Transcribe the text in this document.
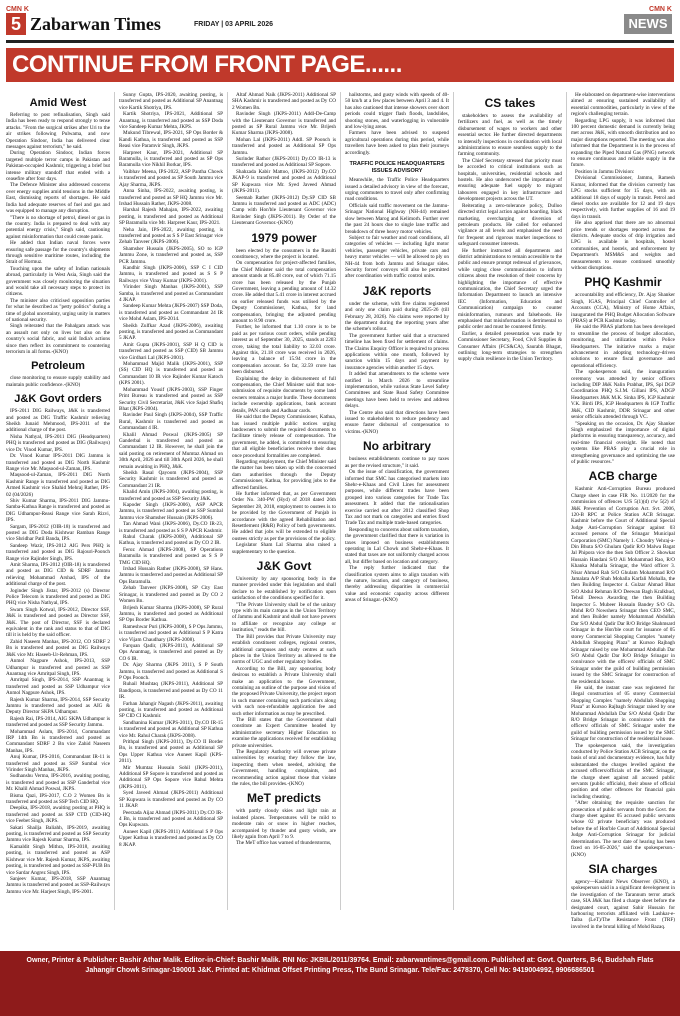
CMN K
5 Zabarwan Times	FRIDAY | 03 APRIL 2026
CMN K
NEWS
CONTINUE FROM FRONT PAGE......
Amid West

Referring to post refinalisation, Singh said India has been ready to respond strongly to tense attacks. "From the surgical strikes after Uri to the air strikes following Pulwama, and now Operation Sindoor, India has delivered clear messages against terrorism," he said.

During Operation Sindoor, Indian forces targeted multiple terror camps in Pakistan and Pakistan-occupied Kashmir, triggering a brief but intense military standoff that ended with a ceasefire after four days.

The Defence Minister also addressed concerns over energy supplies amid tensions in the Middle East, dismissing reports of shortages. He said India had adequate reserves of fuel and gas and was equipped to manage any disruption.

"There is no shortage of petrol, diesel or gas in the country. India is prepared to deal with any potential energy crisis," Singh said, cautioning against misinformation that could create panic.

He added that Indian naval forces were ensuring safe passage for the country's shipments through sensitive maritime routes, including the Strait of Hormuz.

Touching upon the safety of Indian nationals abroad, particularly in West Asia, Singh said the government was closely monitoring the situation and would take all necessary steps to protect its citizens.

The minister also criticised opposition parties for what he described as "petty politics" during a time of global uncertainty, urging unity in matters of national security.

Singh reiterated that the Pahalgam attack was an assault not only on lives but also on the country's social fabric, and said India's actions since then reflect its commitment to countering terrorism in all forms.-(KNO)

Petroleum

close monitoring to ensure supply stability and maintain public confidence.-(KNO)

J&K Govt orders

IPS-2011 DIG Railways, J&K is transferred and posted as DIG Traffic Kashmir relieving Sheikh Junaid Mehmood, IPS-2011 of the additional charge of the post.

Nisha Nathyal, IPS-2011 DIG (Headquarters) PHQ is transferred and posted as DIG (Railways) vice Dr. Vinod Kumar, IPS.

Dr. Vinod Kumar IPS-2011 DIG Jammu is transferred and posted as DIG North Kashmir Range vice Mr. Maqsood-ul-Zaman, IPS.

Maqsood-ul-Zaman, IPS-2011 DIG North Kashmir Range is transferred and posted as DIG Armed Kashmir vice Shahid Mehraj Rather, IPS-02 (04/2026)

Shiv Kumar Sharma, IPS-2011 DIG Jammu-Samba-Kathua Range is transferred and posted as DIG Udhampur-Reasi Range vice Sarah Rizvi, IPS.

Sargam, IPS-2012 (OIR-18) is transferred and posted as DIG Doda Kishtwar Ramban Range vice Shridhar Patil Banda, IPS.

Sandeep Wazir, IPS-2012 AIG Pers PHQ is transferred and posted as DIG Rajouri-Poonch Range vice Rajinder Singh, IPS.

Amit Sharma, IPS-2012 (OIR-18) is transferred and posted as DIG CID & SDRF Jammu relieving Mohammad Arshad, IPS of the additional charge of the post.

Joginder Singh Jistar, IPS-2012 (s) Director Police Telecom is transferred and posted as DIG PHQ vice Nisha Nathyal, IPS.

Swarn Singh Kotwal, IPS-2012, Director SSF, J&K is transferred and posted as Director SSF, J&K. The post of Director, SSF is declared equivalent in the rank and status to that of DIG till it is held by the said officer.

Zahid Naseem Manhas, IPS-2012, CO SDRF 2 Bn is transferred and posted as DIG Railways J&K vice Mr. Haseeb-Ur-Rehman, IPS.

Anmol Nagpure Ashok, IPS-2013, SSP Udhampur is transferred and posted as SSP Anantnag vice Amritpal Singh, IPS.

Amritpal Singh, IPS-2014, SSP Anantnag is transferred and posted as SSP Udhampur vice Anmol Nagpure Ashok, IPS.

Rajesh Kumar Sharma, IPS-2014, SSP Security Jammu is transferred and posted as AIG & Deputy Director SKPA Udhampur.

Rajesh Rai, IPS-2014, AIG SKPA Udhampur is transferred and posted as SSP Security Jammu.

Mohammad Aslam, IPS-2014, Commandant IRP 14th Bn is transferred and posted as Commandant SDRF 2 Bn vice Zahid Naseem Manhas, IPS.

Anuj Kumar, IPS-2016, Commandant IR-11 is transferred and posted as SSP Sumbal vice Virinder Singh Manhas, JKPS.

Sudhanshu Verma, IPS-2016, awaiting posting, is transferred and posted as SSP Ganderbal vice Mr. Khalil Ahmad Poswal, JKPS.

Bisma Qazi, IPS-2017, C.O 2 Women Bn is transferred and posted as SSP Tech CID HQ.

Deepika, IPS-2018, awaiting posting at PHQ is transferred and posted as SSP CTD (CID-HQ vice Feebet Singh, JKPS.

Sakati Shailja Baliahh, IPS-2019, awaiting posting, is transferred and posted as SSP Security Jammu vice Rajesh Kumar Sharma, IPS.

Kamaldit Singh Mithra, IPS-2018, awaiting posting, is transferred and posted as ASP Kishtwar vice Mr. Rajesh Kumar, JKPS, awaiting posting, is transferred and posted as SSP-PUB Bn vice Sardar Angrez Singh, IPS.

Sanjeev Kumar, IPS-2018, SSP Anantnag Jammu is transferred and posted as SSP-Railways Jammu vice Mr. Harjeet Singh, IPS-2001.

Sunny Gupta, IPS-2020, awaiting posting, is transferred and posted as Additional SP Anantnag vice Kartik Shotriya, IPS.

Kartik Shotriya, IPS-2021, Additional SP Anantnag, is transferred and posted as SSP Doda vice Sandeep Kumar Mehta, JKPS.

Mukund Tibrewal, IPS-2021, SP Ops Border & Kandi Kathua, is transferred and posted as SSP Reasi vice Paramvir Singh, JKPS.

Harpreet Kaur, IPS-2021, Additional SP Baramulla, is transferred and posted as SP Ops Baramulla vice Nikhil Borkar, IPS.

Vaibhav Meena, IPS-2022, ASP Pantha Chowk is transferred and posted as SP South Jammu vice Ajay Sharma, JKPS.

Anna Sinha, IPS-2022, awaiting posting, is transferred and posted as SP HQ Jammu vice Mr. Irshad Hussain Rather, JKPS-2008.

Harshal Rajesh Mahajan, IPS-2022, awaiting posting, is transferred and posted as Additional SP Baramulla vice Mr. Harpreet Kaur, IPS-2021.

Neha Jain, IPS-2022, awaiting posting, is transferred and posted as S S P East Srinagar vice Zehab Tanveer (JKPS-2006).

Shamsher Hussain (JKPS-2005), SO to IGP Jammu Zone, is transferred and posted as, SSP PCR Jammu.

Kandhir Singh (JKPS-2006), SSP C I CID Jammu, is transferred and posted as S S P Railways vice Vinay Kumar (JKPS-2001).

Virinder Singh Manhas (JKPS-2001), SSP Samba, is transferred and posted as Commandant 4 JKAP.

Sandeep Kumar Mehta (JKPS-2007) SSP Doda, is transferred and posted as Commandant 24 IR vice Mohd Aslam, IPS-2014.

Sheikh Zulfkar Azad (JKPS-2006), awaiting posting, is transferred and posted as Commandant 5 JKAP.

Amit Gupta (JKPS-2001), SSP H Q CID is transferred and posted as SSP (CID) SB Jammu vice Girdhari Lal (JKPS-2001).

Mohammad Majid Malik (JKPS-2001), SSP (SS) CID HQ is transferred and posted as Commandant 10 IR vice Rajinder Kumar Katoch (KPS 2001).

Mohammad Yousif (JKPS-2003), SSP Finger Print Bureau is transferred and posted as SSP Security Civil Secretariat, J&K vice Sajad Shafiq Bhat (JKPS-2004).

Ravinder Paul Singh (JKPS-2004), SSP Traffic Rural, Kashmir is transferred and posted as Commandant 4 IR.

Khalil Ahmad Poswal (JKPS-2005) SP Ganderbal is transferred and posted as Commandant 12 IR. However, he shall join the said posting on retirement of Mumtaz Ahmad on 30th April, 2026 and till 30th April 2026, he shall remain awaiting in PHQ, J&K.

Sheikh Rasal Qayoom (JKPS-2004), SSP Security Kashmir is transferred and posted as Commandant 21 IR.

Khalid Amin (JKPS-2004), awaiting posting, is transferred and posted as SSP Security J&K.

Kapoder Singh (JKPS-2006), ASP APCR Jammu, is transferred and posted as SSP Sumbal Jammu vice Shamsher Hussain (JKPS-2006).

Tan Ahmad Wani (JKPS-2006), Dy.CO IR-23, is transferred and posted as S S P APCR Kashmir.

Rahul Charak (JKPS-2008), Additional SP Kathua, is transferred and posted as Dy CO 2 IR.

Feroz Ahmad (JKPS-2008), SP Operations Baramulla is transferred and posted as S S P TMG CID HQ.

Irshad Hussain Rather (JKPS-2008), SP Hans. Jammu is transferred and posted as Additional SP Ops Baramulla.

Zehab Tanveer (JKPS-2008), SP City East Srinagar, is transferred and posted as Dy CO 2 Women Bn.

Brijesh Kumar Sharma (JKPS-2008), SP Rural Jammu, is transferred and posted as Additional SP Ops Border Kathua.

Rameshwar Puri (JKPS-2008), S P Ops Jammu, is transferred and posted as Additional S P Katra vice Vijam Chaudhary (JKPS-2008).

Farquan Qadir, (JKPS-2011), Additional SP Ops Anantnag, is transferred and posted as Dy CO 6 IR.

Dr. Ajay Sharma (JKPS 2011), S P South Jammu, is transferred and posted as Additional S P Ops Poonch.

Ruhail Mushtaq (JKPS-2011), Additional SP Bandipora, is transferred and posted as Dy CO 11 IR.

Farhan Jahangir Nagash (JKPS-2011), awaiting posting, is transferred and posted as Additional SP CID CI Kashmir.

Sandhanina Kumar (JKPS-2011), Dy.CO IR-15 is transferred and posted as Additional SP Kathua vice Mr. Rahul Charak (JKPS-2008).

Prithpal Singh (JKPS-2011), Dy.CO II Border Bn, is transferred and posted as Additional SP Ops Upper Kathua vice Auneet Kapil (KPS-2011).

Mir Mumtaz Hussain Sohil (JKPS-2011), Additional SP Sopore is transferred and posted as Additional SP Ops Sopore vice Rahul Mehta (JKPS-2011).

Syed Javeed Ahmad (JKPS-2011) Additional SP Kupwara is transferred and posted as Dy CO 11 JKAP.

Peerzada Aijaz Ahmad (JKPS-2011) Dy.CO IR-4 Bn, is transferred and posted as Additional SP Ops Kupwara.

Auneet Kapil (JKPS-2011) Additional S P Ops Upper Kathua is transferred and posted as Dy CO 8 JKAP.

Altaf Ahmad Naik (JKPS-2011) Additional SP SHA Kashmir is transferred and posted as Dy CO 2 Women Bn.

Ravinder Singh (JKPS-2011) Addl-De-Camp with the Lieutenant Governor is transferred and posted as SP Rural Jammu vice Mr. Brijesh Kumar Sharma (JKPS-2008).

Mohan Lal (JKPS-2011) Addl. SP Poonch is transferred and posted as Additional SP Ops Jammu.

Surinder Rathor (JKPS-2011) Dy.CO IR-13 is transferred and posted as Additional SP Sopore.

Shahzada Kabir Mattoo, (JKPS-2012) Dy.CO JKAP-9 is transferred and posted as Additional SP Kupwara vice Mr. Syed Javeed Ahmad (JKPS-2011).

Seemab Rather (JKPS-2012) Dy.SP CID SB Jammu is transferred and posted as ADC (ADC) Camp with Hon'ble Lieutenant Governor vice Ravinder Singh (JKPS-2011). By Order of the Lieutenant Governor.-(KNO)

1979 power

been elected by the consumers in the Rasulti constituency, where the project is located.

On compensation for project-affected families, the Chief Minister said the total compensation amount stands at 85.48 crore, out of which 71.15 crore has been released by the Punjab Government, leaving a pending amount of 14.32 crore. He added that 5.41 crore in interest accrued on earlier released funds was utilised by the Deputy Commissioner, Kathua, for land compensation, bringing the adjusted pending amount to 8.90 crore.

Further, he informed that 1.10 crore is to be paid as per various court orders, while pending interest as of September 30, 2025, stands at 2203 crore, taking the total liability to 32.03 crore. Against this, 21.18 crore was received in 2026, leaving a balance of 15.94 crore in the compensation account. So far, 32.59 crore has been disbursed.

Explaining the delay in disbursement of full compensation, the Chief Minister said that non-submission of requisite documents by some land owners remains a major hurdle. These documents include ownership applications, bank account details, PAN cards and Aadhaar cards.

He said that the Deputy Commissioner, Kathua, has issued multiple public notices urging landowners to submit the required documents to facilitate timely release of compensation. The government, he added, is committed to ensuring that all eligible beneficiaries receive their dues once procedural formalities are completed.

Regarding employment, the Chief Minister said the matter has been taken up with the concerned dam authorities through the Deputy Commissioner, Kathua, for providing jobs to the affected families.

He further informed that, as per Government Order No. 340-PW (Hyd) of 2018 dated 26th September 28, 2018, employment to oustees is to be provided by the Government of Punjab in accordance with the agreed Rehabilitation and Resettlement (R&R) Policy of both governments. He added that jobs will be extended to eligible oustees strictly as per the provisions of the policy.

Legislator Sham Lal Sharma also raised a supplementary to the question.

J&K Govt

University by any sponsoring body in the manner provided under this legislation and shall declare to be established by notification upon satisfaction of the conditions specified for it.

"The Private University shall be of the unitary type with its main campus in the Union Territory of Jammu and Kashmir and shall not have powers to affiliate or recognize any college or institution," reads the bill.

The Bill provides that Private University may establish constituent colleges, regional centres, additional campuses and study centres at such places in the Union Territory as allowed to the norms of UGC and other regulatory bodies.

According to the Bill, any sponsoring body desirous to establish a Private University shall make an application to the Government, containing an outline of the purpose and vision of the proposed Private University, the project report in such manner containing such particulars along with such non-refundable application fee and such other information as may be prescribed.

The Bill states that the Government shall constitute an Expert Committee headed by administrative secretary Higher Education to examine the applications received for establishing private universities.

The Regulatory Authority will oversee private universities by ensuring they follow the law, inspecting them when needed, advising the Government, handling complaints, and recommending action against those that violate the rules, the bill provides.-(KNO)

MeT predicts

with partly cloudy skies and light rain at isolated places. Temperatures will be mild to moderate rain or snow in higher reaches, accompanied by thunder and gusty winds, are likely again from April 7 to 9.

The MeT office has warned of thunderstorms,

hailstorms, and gusty winds with speeds of 40-50 km/h at a few places between April 3 and 4. It has also cautioned that intense showers over short periods could trigger flash floods, landslides, shooting stones, and waterlogging in vulnerable and low-lying areas.

Farmers have been advised to suspend agricultural operations during this period, while travellers have been asked to plan their journeys accordingly.

TRAFFIC POLICE HEADQUARTERS ISSUES ADVISORY

Meanwhile, the Traffic Police Headquarters issued a detailed advisory in view of the forecast, urging commuters to travel only after confirming road conditions.

Officials said traffic movement on the Jammu-Srinagar National Highway (NH-44) remained slow between Marog and Kelimorh. Further over the past 24 hours due to single lane traffic and breakdown of three heavy motor vehicles.

Subject to fair weather and road conditions, all categories of vehicles — including light motor vehicles, passenger vehicles, private cars and heavy motor vehicles — will be allowed to ply on NH-44 from both Jammu and Srinagar sides. Security forces' convoys will also be permitted after coordination with traffic control units.

J&K reports

under the scheme, with five claims registered and only one claim paid during 2025-26 (till February 28, 2026). No claims were reported by the department during the reporting years after the scheme's rollout.

The government further said that a structured timeline has been fixed for settlement of claims. The Claims Enquiry Officer is required to process applications within one month, followed by sanction within 15 days and payment by insurance agencies within another 15 days.

It added that amendments to the scheme were notified in March 2026 to streamline implementation, while various State Level Safety Committees and State Road Safety Committee meetings have been held to review and address delays.

The Centre also said that directions have been issued to stakeholders to reduce pendency and ensure faster disbursal of compensation to victims.-(KNO)

No arbitrary

business establishments continue to pay taxes as per the revised structure," it said.

On the issue of classification, the government informed that SMC has categorised markets into Shehr-e-Khaas and Civil Lines for assessment purposes, while different trades have been grouped into various categories for Trade Tax assessment. It added that the rationalisation exercise carried out after 2012 classified Shop Tax and not mark on categories and entries fixed Trade Tax and multiple trade-based categories.

Responding to concerns about uniform taxation, the government clarified that there is variation in taxes imposed on business establishments operating in Lal Chowk and Shehr-e-Khaas. It stated that taxes are not uniformly charged across all, but differ based on location and category.

The reply further indicated that the classification system aims to align taxation with the nature, location, and category of business, thereby addressing disparities in commercial value and economic capacity across different areas of Srinagar.-(KNO)

CS takes

stakeholders to assess the availability of fertilizers and fuel, as well as the timely disbursement of wages to workers and other essential sector. He further directed departments to intensify inspections in coordination with local administrations to ensure seamless supply to the farming community.

The Chief Secretary stressed that priority must be accorded to critical institutions such as hospitals, universities, residential schools and hostels. He also underscored the importance of ensuring adequate fuel supply to migrant labourers engaged in key infrastructure and development projects across the UT.

Reiterating a zero-tolerance policy, Dulloo directed strict legal action against hoarding, black marketing, overcharging or diversion of petroleum products. He called for enhanced vigilance at all levels and emphasised the need for frequent and rigorous market inspections to safeguard consumer interests.

He further instructed all departments and district administrations to remain accessible to the public and ensure prompt redressal of grievances, while urging close communication to inform citizens about the resolution of their concerns by highlighting the importance of effective communication, the Chief Secretary urged the Information Department to launch an intensive IEC (Information, Education and Communication) campaign to counter misinformation, rumours and falsehoods. He emphasised that misinformation is detrimental to public order and must be countered firmly.

Earlier, a detailed presentation was made by Commissioner Secretary, Food, Civil Supplies & Consumer Affairs (FCS&CA), Saurabh Bhagat, outlining long-term strategies to strengthen supply chain resilience in the Union Territory.

He elaborated on department-wise interventions aimed at ensuring sustained availability of essential commodities, particularly in view of the region's challenging terrain.

Regarding LPG supply, it was informed that 100 percent domestic demand is currently being met across J&K, with smooth distribution and no major disruptions reported. The meeting was also informed that the Department is in the process of expanding the Piped Natural Gas (PNG) network to ensure continuous and reliable supply in the future.

Position in Jammu Division:

Divisional Commissioner, Jammu, Ramesh Kumar, informed that the division currently has LPG stocks sufficient for 15 days, with an additional 18 days of supply in transit. Petrol and diesel stocks are available for 12 and 19 days respectively, with further supplies of 16 and 19 days in transit.

He also apprised that there are no abnormal price trends or shortages reported across the districts. Adequate stocks of drip irrigation and LPG is available in hospitals, hostel communities, and hostels, and enforcement by Department's MSM&S and weights and measurements to ensure continued smoothly without disruptions.

PHQ Kashmir

accountability and efficiency, Dr. Ajay Shanker Singh, IGAS, Principal Chief Controller of Accounts (CCA), Ministry of Home Affairs, inaugurated the PHQ Budget Allocation Software (PBAS) at PCR Kashmir today.

He said the PBAS platform has been developed to streamline the process of budget allocation, monitoring, and utilization within Police Headquarters. The initiative marks a major advancement in adopting technology-driven solutions to ensure fiscal governance and operational efficiency.

The spokesperson said, the inauguration ceremony was attended by senior officers including DIP J&K Nalin Prabhat, IPS, Spl DGP Coordination PHQ S.J.M. Gillani IPS, ADGP Headquarters J&K M.K. Sinha IPS, IGP Kashmir V.K. Birdi IPS, IGP Headquarters & IGP Traffic J&K, CID Kashmir, DDR Srinagar and other senior officials attended through VC.

"Speaking on the occasion, Dr. Ajay Shanker Singh emphasized the importance of digital platforms in ensuring transparency, accuracy, and real-time financial oversight. He noted that systems like PBAS play a crucial role in strengthening governance and optimizing the use of public resources."

ACB charge

Kashmir Anti-Corruption Bureau produced Charge sheet in case FIR No. 11/2020 for the commission of offences U/S 5(1)(d) r/w 5(2) of J&K Prevention of Corruption Act. Svt. 2006, 120-B RPC at Police Station ACB Srinagar. Kashmir before the Court of Additional Special Judge Anti-Corruption Srinagar against 03 accused persons of the Srinagar Municipal Corporation (SMC) Namely 1. Choudry Vehraj-a-Din Bhuta S/O Ghulam Qadir R/O Malwa Bagat Jal Phipora vice the then Sub Officer 2. Showkat Hussain Handani S/O Ali Mohammad Rao, R/O Khanka Mohalla Srinagar, the Ward officer 3. Nisar Ahmad Rah S/O Ghulam Mohammad R/O Jamalata A/P Shah Mohalla Karfali Mohalla, the then Building Inspector 4. Gulzar Ahmad Bhat S/O Abdul Rehman R/O Deewan Bagh Kralkhud, Tehsil Deewa Awarding the then Building Inspector 5. Mubeer Hussain Bandey S/O Gh. Mohd R/O Nowshera Srinagar then CEO SMC, and then Builder namely Mohammad Abdullah Dar S/O Abdul Qadir Dar R/O Bridge Shahmsard Srinagar in the Hon'ble court for issuance of 05 storey Commercial Shopping Complex "namely Abdullah Shopping Plaza" at Kursoo Rajbagh Srinagar raised by one Mohammad Abdullah Dar S/O Abdul Qadir Dar R/O Bridge Srinagar in connivance with the officers/ officials of SMC Srinagar under the guild of building permission issued by the SMC Srinagar for construction of the residential house.

He said, the instant case was registered for illegal construction of 05 storey Commercial Shopping Complex "namely Abdullah Shopping Plaza" at Kursoo Rajbagh Srinagar raised by one Mohammad Abdullah Dar S/O Abdul Qadir Dar R/O Bridge Srinagar in connivance with the officers/ officials of SMC Srinagar under the guild of building permission issued by the SMC Srinagar for construction of the residential house.

The spokesperson said, the investigation conducted by Police Station ACB Srinagar, on the basis of oral and documentary evidence, has fully substantiated the charges levelled against the accused officers/officials of the SMC Srinagar, the charge sheet against all accused public servants (public officials), their abuse of official position and other offences for financial gain including cheating.

"After obtaining the requisite sanction for prosecution of public servants from the Govt. the charge sheet against 05 accused public servants whose 02 private beneficiary was produced before the of Hon'ble Court of Additional Special Judge Anti-Corruption Srinagar for judicial determination. The next date of hearing has been fixed on 16-05-2026," said the spokesperson.-(KNO)

SIA charges

agency—Kashmir News Observer (KNO), a spokesperson said in a significant development in the investigation of the Tarannum terror attack case, SIA J&K has filed a charge sheet before the designated court, against Sahir Hussain for harbouring terrorists affiliated with Lashkar-e-Taiba (LeT)/The Resistance Front (TRF) involved in the brutal killing of Mohd Razaq.

Owner, Printer & Publisher: Bashir Athar Malik. Editor-in-Chief: Bashir Malik. RNI No: JKBIL/2011/39764. Email: zabarwantimes@gmail.com. Published at: Govt. Quarters, B-6, Budshah Flats
Jahangir Chowk Srinagar-190001 J&K. Printed at: Khidmat Offset Printing Press, The Bund Srinagar. Tele/Fax: 2478370, Cell No: 9419004992, 9906686501
